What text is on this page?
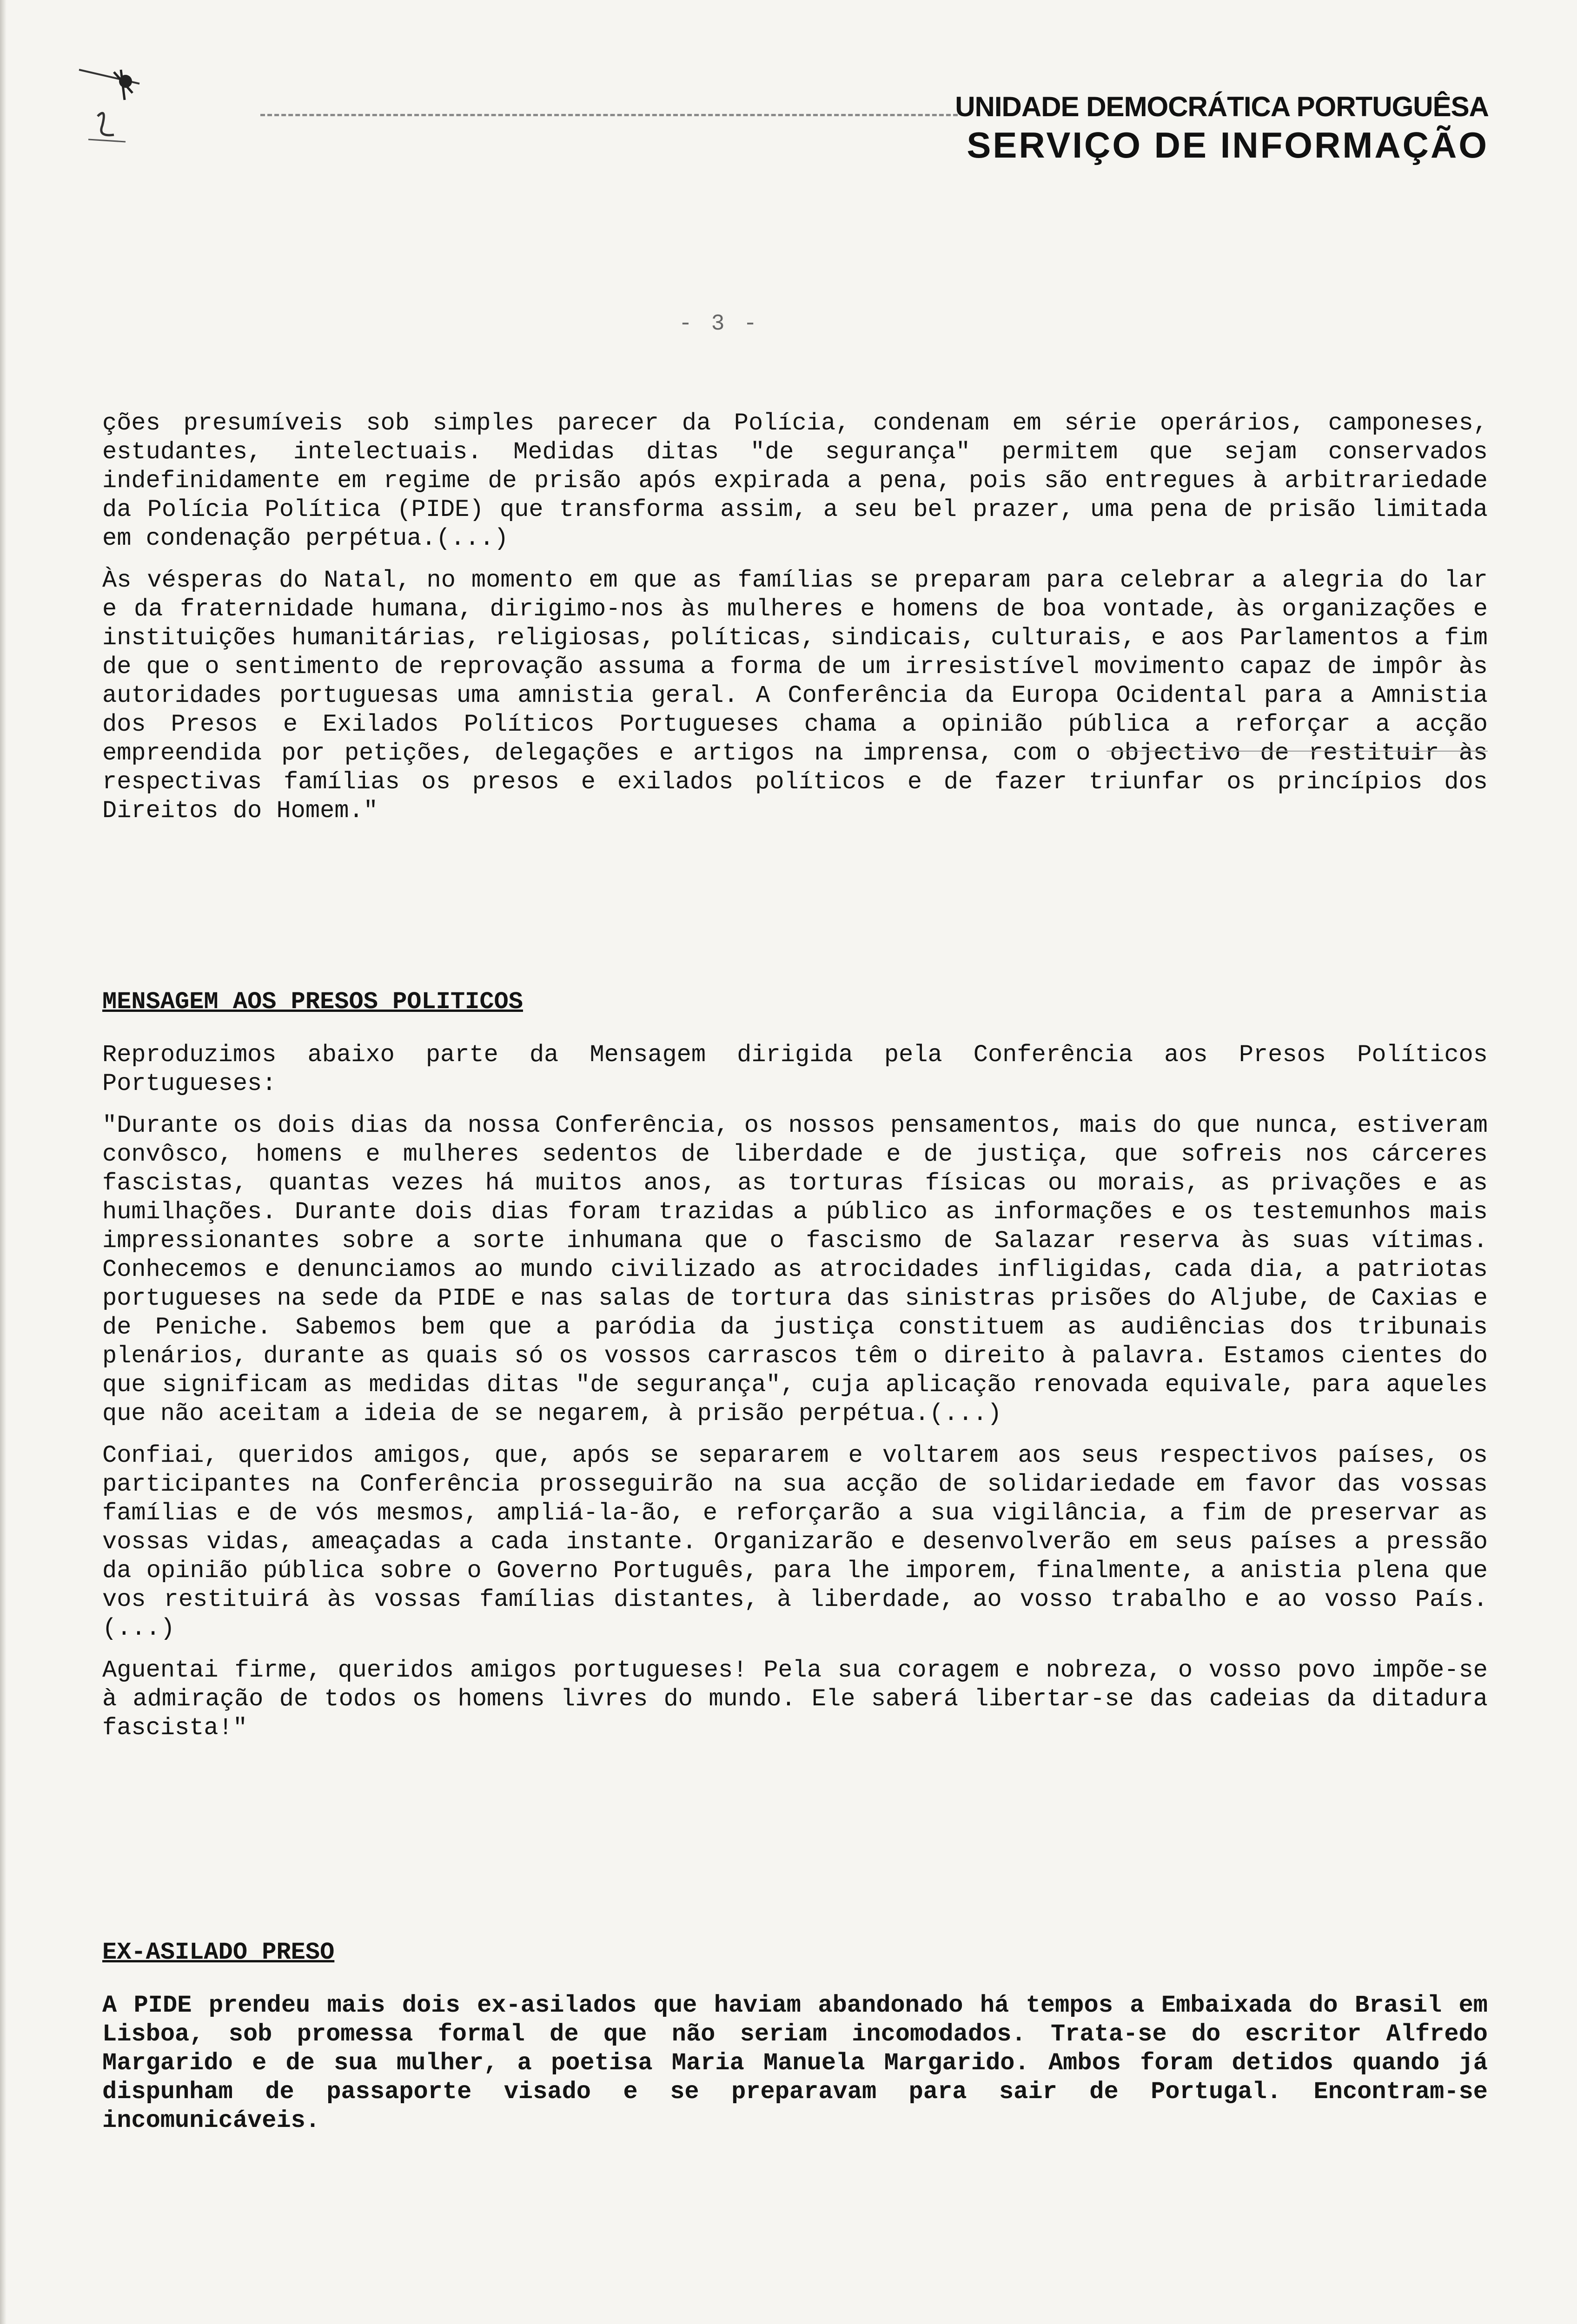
UNIDADE DEMOCRÁTICA PORTUGUÊSA
SERVIÇO DE INFORMAÇÃO
- 3 -

ções presumíveis sob simples parecer da Polícia, condenam em série operários, camponeses, estudantes, intelectuais. Medidas ditas "de segurança" permitem que sejam conservados indefinidamente em regime de prisão após expirada a pena, pois são entregues à arbitrariedade da Polícia Política (PIDE) que transforma assim, a seu bel prazer, uma pena de prisão limitada em condenação perpétua.(...)

Às vésperas do Natal, no momento em que as famílias se preparam para celebrar a alegria do lar e da fraternidade humana, dirigimo-nos às mulheres e homens de boa vontade, às organizações e instituições humanitárias, religiosas, políticas, sindicais, culturais, e aos Parlamentos a fim de que o sentimento de reprovação assuma a forma de um irresistível movimento capaz de impôr às autoridades portuguesas uma amnistia geral. A Conferência da Europa Ocidental para a Amnistia dos Presos e Exilados Políticos Portugueses chama a opinião pública a reforçar a acção empreendida por petições, delegações e artigos na imprensa, com o objectivo de restituir às respectivas famílias os presos e exilados políticos e de fazer triunfar os princípios dos Direitos do Homem."

MENSAGEM AOS PRESOS POLITICOS

Reproduzimos abaixo parte da Mensagem dirigida pela Conferência aos Presos Políticos Portugueses:

"Durante os dois dias da nossa Conferência, os nossos pensamentos, mais do que nunca, estiveram convôsco, homens e mulheres sedentos de liberdade e de justiça, que sofreis nos cárceres fascistas, quantas vezes há muitos anos, as torturas físicas ou morais, as privações e as humilhações. Durante dois dias foram trazidas a público as informações e os testemunhos mais impressionantes sobre a sorte inhumana que o fascismo de Salazar reserva às suas vítimas. Conhecemos e denunciamos ao mundo civilizado as atrocidades infligidas, cada dia, a patriotas portugueses na sede da PIDE e nas salas de tortura das sinistras prisões do Aljube, de Caxias e de Peniche. Sabemos bem que a paródia da justiça constituem as audiências dos tribunais plenários, durante as quais só os vossos carrascos têm o direito à palavra. Estamos cientes do que significam as medidas ditas "de segurança", cuja aplicação renovada equivale, para aqueles que não aceitam a ideia de se negarem, à prisão perpétua.(...)

Confiai, queridos amigos, que, após se separarem e voltarem aos seus respectivos países, os participantes na Conferência prosseguirão na sua acção de solidariedade em favor das vossas famílias e de vós mesmos, ampliá-la-ão, e reforçarão a sua vigilância, a fim de preservar as vossas vidas, ameaçadas a cada instante. Organizarão e desenvolverão em seus países a pressão da opinião pública sobre o Governo Português, para lhe imporem, finalmente, a anistia plena que vos restituirá às vossas famílias distantes, à liberdade, ao vosso trabalho e ao vosso País.(...)

Aguentai firme, queridos amigos portugueses! Pela sua coragem e nobreza, o vosso povo impõe-se à admiração de todos os homens livres do mundo. Ele saberá libertar-se das cadeias da ditadura fascista!"

EX-ASILADO PRESO

A PIDE prendeu mais dois ex-asilados que haviam abandonado há tempos a Embaixada do Brasil em Lisboa, sob promessa formal de que não seriam incomodados. Trata-se do escritor Alfredo Margarido e de sua mulher, a poetisa Maria Manuela Margarido. Ambos foram detidos quando já dispunham de passaporte visado e se preparavam para sair de Portugal. Encontram-se incomunicáveis.
